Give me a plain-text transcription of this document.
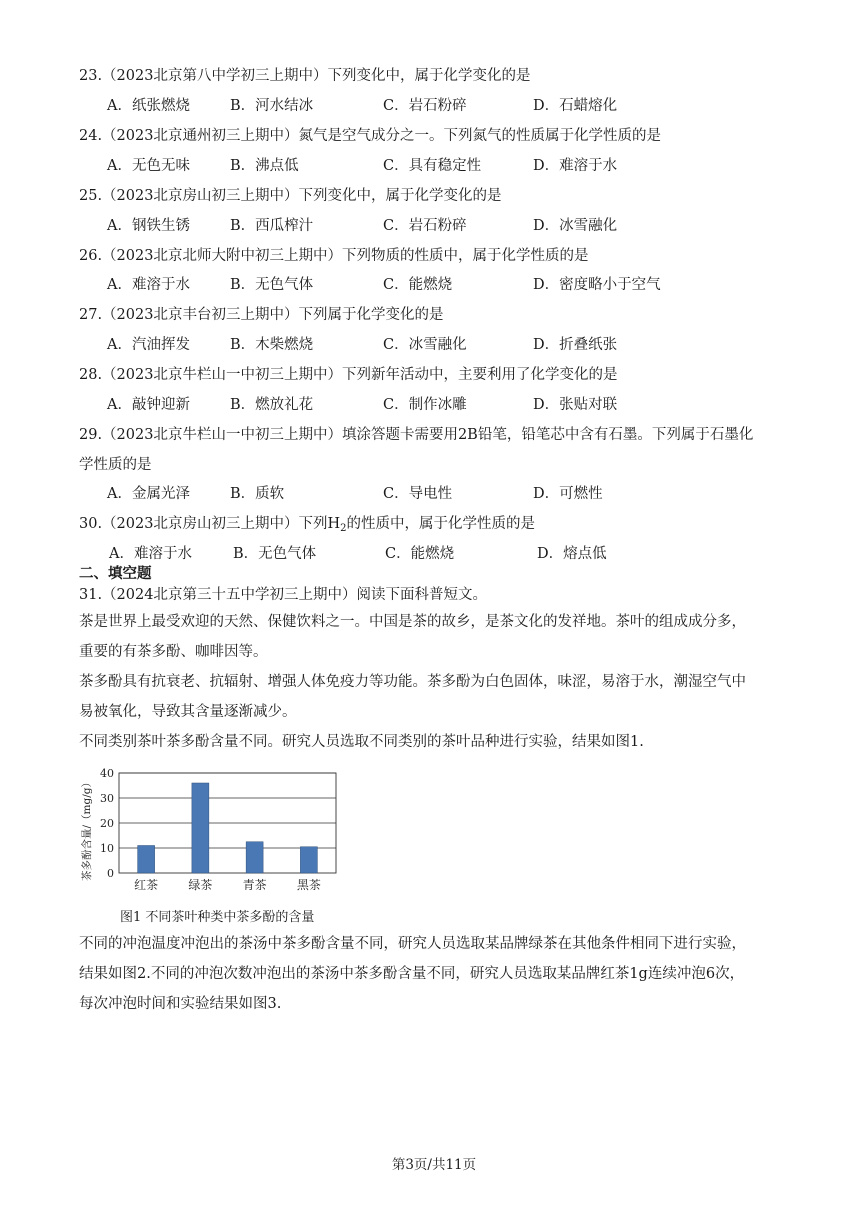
23.（2023北京第八中学初三上期中）下列变化中，属于化学变化的是
A．纸张燃烧	B．河水结冰	C．岩石粉碎	D．石蜡熔化
24.（2023北京通州初三上期中）氮气是空气成分之一。下列氮气的性质属于化学性质的是
A．无色无味	B．沸点低	C．具有稳定性	D．难溶于水
25.（2023北京房山初三上期中）下列变化中，属于化学变化的是
A．钢铁生锈	B．西瓜榨汁	C．岩石粉碎	D．冰雪融化
26.（2023北京北师大附中初三上期中）下列物质的性质中，属于化学性质的是
A．难溶于水	B．无色气体	C．能燃烧	D．密度略小于空气
27.（2023北京丰台初三上期中）下列属于化学变化的是
A．汽油挥发	B．木柴燃烧	C．冰雪融化	D．折叠纸张
28.（2023北京牛栏山一中初三上期中）下列新年活动中，主要利用了化学变化的是
A．敲钟迎新	B．燃放礼花	C．制作冰雕	D．张贴对联
29.（2023北京牛栏山一中初三上期中）填涂答题卡需要用2B铅笔，铅笔芯中含有石墨。下列属于石墨化
学性质的是
A．金属光泽	B．质软	C．导电性	D．可燃性
30.（2023北京房山初三上期中）下列$H_2$的性质中，属于化学性质的是
A．难溶于水	B．无色气体	C．能燃烧	D．熔点低
二、填空题
31.（2024北京第三十五中学初三上期中）阅读下面科普短文。
茶是世界上最受欢迎的天然、保健饮料之一。中国是茶的故乡，是茶文化的发祥地。茶叶的组成成分多，
重要的有茶多酚、咖啡因等。
茶多酚具有抗衰老、抗辐射、增强人体免疫力等功能。茶多酚为白色固体，味涩，易溶于水，潮湿空气中
易被氧化，导致其含量逐渐减少。
不同类别茶叶茶多酚含量不同。研究人员选取不同类别的茶叶品种进行实验，结果如图1.
0
10
20
30
40
红茶	绿茶	青茶	黑茶
茶多酚含量/（mg/g）
图1 不同茶叶种类中茶多酚的含量
不同的冲泡温度冲泡出的茶汤中茶多酚含量不同，研究人员选取某品牌绿茶在其他条件相同下进行实验，
结果如图2.不同的冲泡次数冲泡出的茶汤中茶多酚含量不同，研究人员选取某品牌红茶1g连续冲泡6次，
每次冲泡时间和实验结果如图3.
第3页/共11页
